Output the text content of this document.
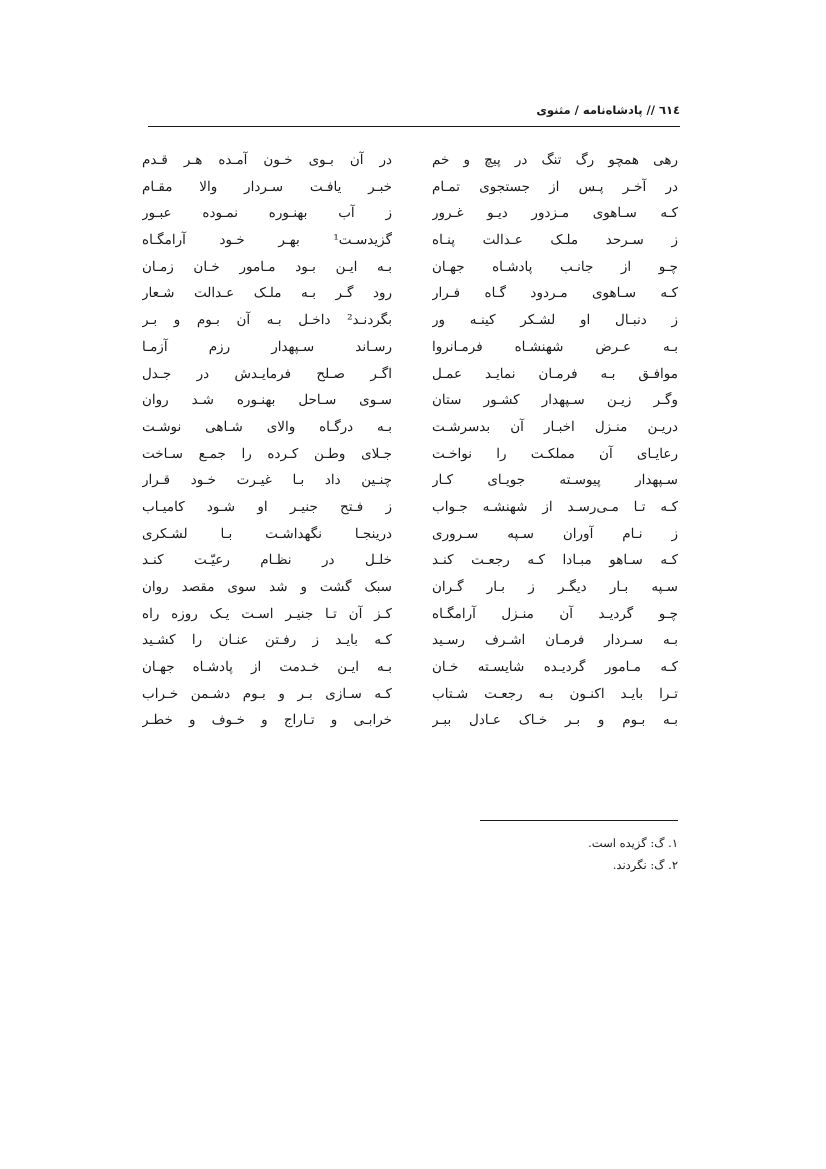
٦١٤ // پادشاه‌نامه / مثنوی
رهی همچو رگ تنگ در پیچ و خم
در آخـر پـس از جستجوی تمـام
کـه سـاهوی مـزدور دیـو غـرور
ز سـرحد ملـک عـدالت پنـاه
چـو از جانـب پادشـاه جهـان
کـه سـاهوی مـردود گـاه فـرار
ز دنبـال او لشـکر کینـه ور
بـه عـرض شهنشـاه فرمـانروا
موافـق بـه فرمـان نمایـد عمـل
وگـر زیـن سـپهدار کشـور ستان
دریـن منـزل اخبـار آن بدسرشـت
رعایـای آن مملکـت را نواخـت
سـپهدار پیوسـته جویـای کـار
کـه تـا مـی‌رسـد از شهنشـه جـواب
ز نـام آوران سـپه سـروری
کـه سـاهو مبـادا کـه رجعـت کنـد
سـپه بـار دیگـر ز بـار گـران
چـو گردیـد آن منـزل آرامگـاه
بـه سـردار فرمـان اشـرف رسـید
کـه مـامور گردیـده شایسـته خـان
تـرا بایـد اکنـون بـه رجعـت شـتاب
بـه بـوم و بـر خـاک عـادل ببـر
در آن بـوی خـون آمـده هـر قـدم
خبـر یافـت سـردار والا مقـام
ز آب بهنـوره نمـوده عبـور
گزیدسـت¹ بهـر خـود آرامگـاه
بـه ایـن بـود مـامور خـان زمـان
رود گـر بـه ملـک عـدالت شـعار
بگردنـد² داخـل بـه آن بـوم و بـر
رسـاند سـپهدار رزم آزمـا
اگـر صـلح فرمایـدش در جـدل
سـوی سـاحل بهنـوره شـد روان
بـه درگـاه والای شـاهی نوشـت
جـلای وطـن کـرده را جمـع سـاخت
چنـین داد بـا غیـرت خـود قـرار
ز فـتح جنیـر او شـود کامیـاب
درینجـا نگهداشـت بـا لشـکری
خلـل در نظـام رعیّـت کنـد
سبک گشت و شد سوی مقصد روان
کـز آن تـا جنیـر اسـت یـک روزه راه
کـه بایـد ز رفـتن عنـان را کشـید
بـه ایـن خـدمت از پادشـاه جهـان
کـه سـازی بـر و بـوم دشـمن خـراب
خرابـی و تـاراج و خـوف و خطـر
۱. گ: گزیده است.
۲. گ: نگردند.
